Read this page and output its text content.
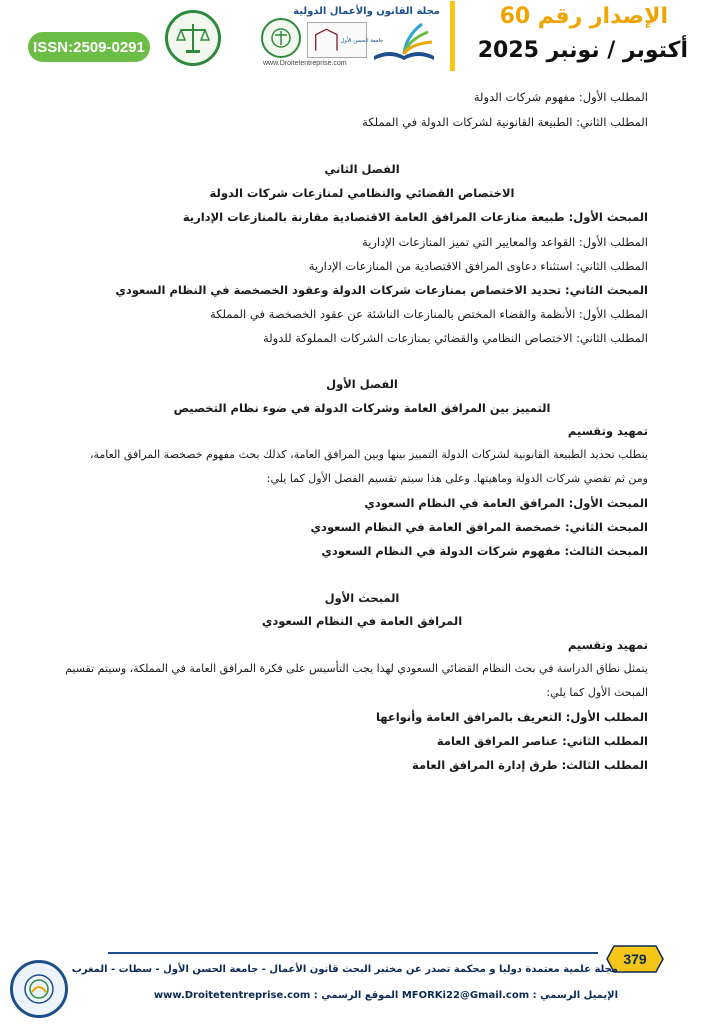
ISSN:2509-0291
مجلة القانون والأعمال الدولية
جامعة الحسن الأول
www.Droitetentreprise.com
الإصدار رقم 60
أكتوبر / نونبر 2025
المطلب الأول: مفهوم شركات الدولة
المطلب الثاني: الطبيعة القانونية لشركات الدولة في المملكة
الفصل الثاني
الاختصاص القضائي والنظامي لمنازعات شركات الدولة
المبحث الأول: طبيعة منازعات المرافق العامة الاقتصادية مقارنة بالمنازعات الإدارية
المطلب الأول: القواعد والمعايير التي تميز المنازعات الإدارية
المطلب الثاني: استثناء دعاوى المرافق الاقتصادية من المنازعات الإدارية
المبحث الثاني: تحديد الاختصاص بمنازعات شركات الدولة وعقود الخصخصة في النظام السعودي
المطلب الأول: الأنظمة والقضاء المختص بالمنازعات الناشئة عن عقود الخصخصة في المملكة
المطلب الثاني: الاختصاص النظامي والقضائي بمنازعات الشركات المملوكة للدولة
الفصل الأول
التمييز بين المرافق العامة وشركات الدولة في ضوء نظام التخصيص
تمهيد وتقسيم
يتطلب تحديد الطبيعة القانونية لشركات الدولة التمييز بينها وبين المرافق العامة، كذلك بحث مفهوم خصخصة المرافق العامة،
ومن ثم تقصي شركات الدولة وماهيتها. وعلى هذا سيتم تقسيم الفصل الأول كما يلي:
المبحث الأول: المرافق العامة في النظام السعودي
المبحث الثاني: خصخصة المرافق العامة في النظام السعودي
المبحث الثالث: مفهوم شركات الدولة في النظام السعودي
المبحث الأول
المرافق العامة في النظام السعودي
تمهيد وتقسيم
يتمثل نطاق الدراسة في بحث النظام القضائي السعودي لهذا يجب التأسيس على فكرة المرافق العامة في المملكة، وسيتم تقسيم
المبحث الأول كما يلي:
المطلب الأول: التعريف بالمرافق العامة وأنواعها
المطلب الثاني: عناصر المرافق العامة
المطلب الثالث: طرق إدارة المرافق العامة
379
مجلة علمية معتمدة دوليا و محكمة تصدر عن مختبر البحث قانون الأعمال - جامعة الحسن الأول - سطات - المغرب
الإيميل الرسمي : MFORKi22@Gmail.com الموقع الرسمي : www.Droitetentreprise.com
